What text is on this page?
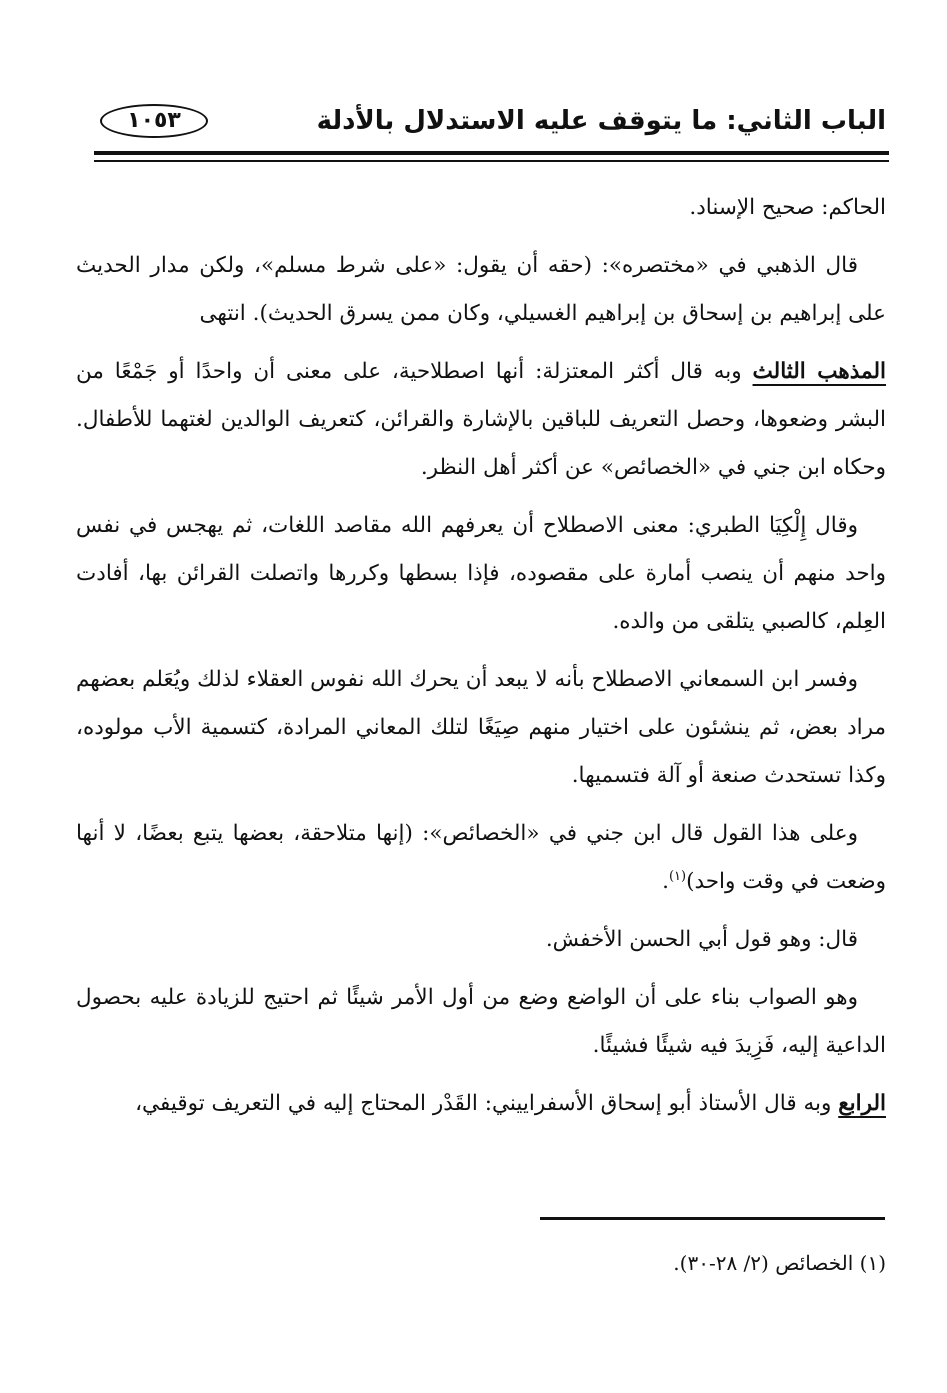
الباب الثاني: ما يتوقف عليه الاستدلال بالأدلة
١٠٥٣

الحاكم: صحيح الإسناد.

قال الذهبي في «مختصره»: (حقه أن يقول: «على شرط مسلم»، ولكن مدار الحديث على إبراهيم بن إسحاق بن إبراهيم الغسيلي، وكان ممن يسرق الحديث). انتهى

المذهب الثالث وبه قال أكثر المعتزلة: أنها اصطلاحية، على معنى أن واحدًا أو جَمْعًا من البشر وضعوها، وحصل التعريف للباقين بالإشارة والقرائن، كتعريف الوالدين لغتهما للأطفال. وحكاه ابن جني في «الخصائص» عن أكثر أهل النظر.

وقال إِلْكِيَا الطبري: معنى الاصطلاح أن يعرفهم الله مقاصد اللغات، ثم يهجس في نفس واحد منهم أن ينصب أمارة على مقصوده، فإذا بسطها وكررها واتصلت القرائن بها، أفادت العِلم، كالصبي يتلقى من والده.

وفسر ابن السمعاني الاصطلاح بأنه لا يبعد أن يحرك الله نفوس العقلاء لذلك ويُعَلم بعضهم مراد بعض، ثم ينشئون على اختيار منهم صِيَغًا لتلك المعاني المرادة، كتسمية الأب مولوده، وكذا تستحدث صنعة أو آلة فتسميها.

وعلى هذا القول قال ابن جني في «الخصائص»: (إنها متلاحقة، بعضها يتبع بعضًا، لا أنها وضعت في وقت واحد)$^{(١)}$.

قال: وهو قول أبي الحسن الأخفش.

وهو الصواب بناء على أن الواضع وضع من أول الأمر شيئًا ثم احتيج للزيادة عليه بحصول الداعية إليه، فَزِيدَ فيه شيئًا فشيئًا.

الرابع وبه قال الأستاذ أبو إسحاق الأسفراييني: القَدْر المحتاج إليه في التعريف توقيفي،

(١) الخصائص (٢/ ٢٨-٣٠).
